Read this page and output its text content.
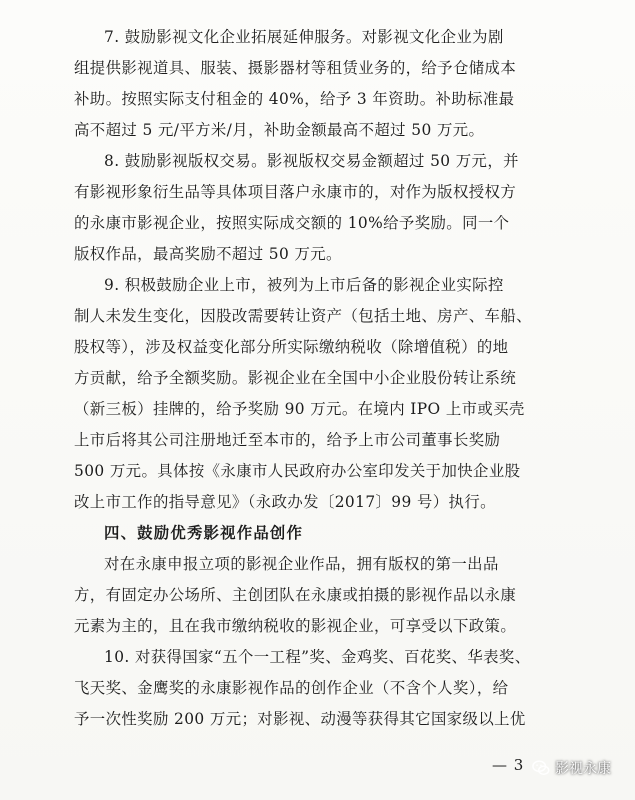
7. 鼓励影视文化企业拓展延伸服务。对影视文化企业为剧
组提供影视道具、服装、摄影器材等租赁业务的，给予仓储成本
补助。按照实际支付租金的 40%，给予 3 年资助。补助标准最
高不超过 5 元/平方米/月，补助金额最高不超过 50 万元。
8. 鼓励影视版权交易。影视版权交易金额超过 50 万元，并
有影视形象衍生品等具体项目落户永康市的，对作为版权授权方
的永康市影视企业，按照实际成交额的 10%给予奖励。同一个
版权作品，最高奖励不超过 50 万元。
9. 积极鼓励企业上市，被列为上市后备的影视企业实际控
制人未发生变化，因股改需要转让资产（包括土地、房产、车船、
股权等），涉及权益变化部分所实际缴纳税收（除增值税）的地
方贡献，给予全额奖励。影视企业在全国中小企业股份转让系统
（新三板）挂牌的，给予奖励 90 万元。在境内 IPO 上市或买壳
上市后将其公司注册地迁至本市的，给予上市公司董事长奖励
500 万元。具体按《永康市人民政府办公室印发关于加快企业股
改上市工作的指导意见》（永政办发〔2017〕99 号）执行。
四、鼓励优秀影视作品创作
对在永康申报立项的影视企业作品，拥有版权的第一出品
方，有固定办公场所、主创团队在永康或拍摄的影视作品以永康
元素为主的，且在我市缴纳税收的影视企业，可享受以下政策。
10. 对获得国家“五个一工程”奖、金鸡奖、百花奖、华表奖、
飞天奖、金鹰奖的永康影视作品的创作企业（不含个人奖），给
予一次性奖励 200 万元；对影视、动漫等获得其它国家级以上优
— 3 影视永康
